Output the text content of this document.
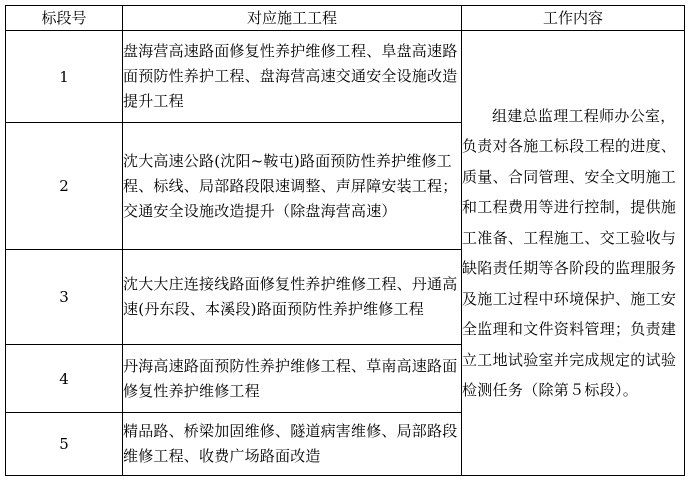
标段号	对应施工工程	工作内容
1	盘海营高速路面修复性养护维修工程、阜盘高速路面预防性养护工程、盘海营高速交通安全设施改造提升工程	组建总监理工程师办公室，负责对各施工标段工程的进度、质量、合同管理、安全文明施工和工程费用等进行控制，提供施工准备、工程施工、交工验收与缺陷责任期等各阶段的监理服务及施工过程中环境保护、施工安全监理和文件资料管理；负责建立工地试验室并完成规定的试验检测任务（除第５标段）。
2	沈大高速公路(沈阳~鞍屯)路面预防性养护维修工程、标线、局部路段限速调整、声屏障安装工程；交通安全设施改造提升（除盘海营高速）	
3	沈大大庄连接线路面修复性养护维修工程、丹通高速(丹东段、本溪段)路面预防性养护维修工程	
4	丹海高速路面预防性养护维修工程、草南高速路面修复性养护维修工程	
5	精品路、桥梁加固维修、隧道病害维修、局部路段维修工程、收费广场路面改造	
